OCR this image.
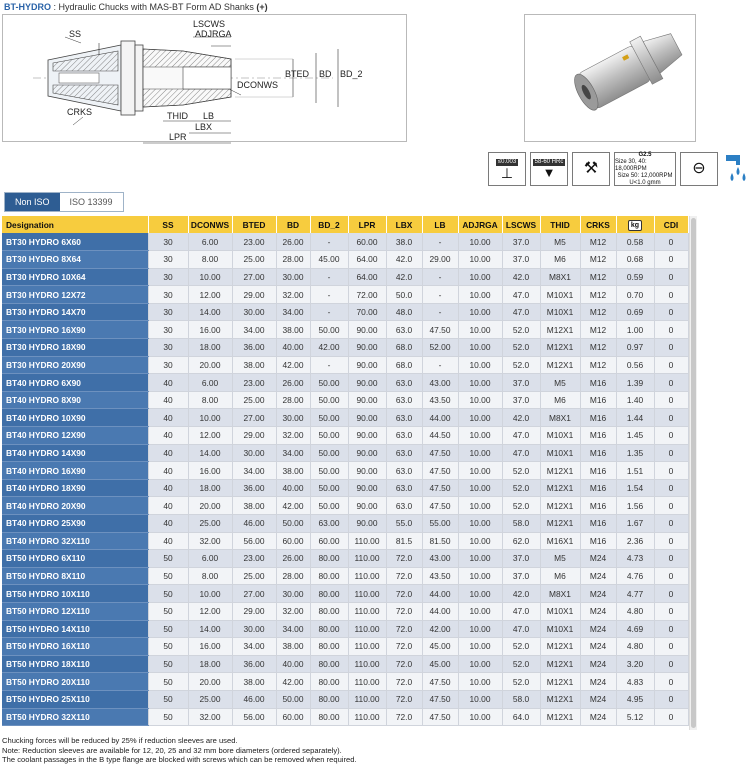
BT-HYDRO : Hydraulic Chucks with MAS-BT Form AD Shanks (+)
SS
CRKS
LSCWS
ADJRGA
DCONWS
BTED BD BD_2
THID LB
LBX
LPR
≤0.003
⊥
58-60 HRc
▼ ⚒
G2.5
Size 30, 40: 18,000RPM
Size 50: 12,000RPM
U<1.0 gmm
⊖
Non ISO	ISO 13399
Designation	SS	DCONWS	BTED	BD	BD_2	LPR	LBX	LB	ADJRGA	LSCWS	THID	CRKS	kg	CDI
BT30 HYDRO 6X60	30	6.00	23.00	26.00	-	60.00	38.0	-	10.00	37.0	M5	M12	0.58	0
BT30 HYDRO 8X64	30	8.00	25.00	28.00	45.00	64.00	42.0	29.00	10.00	37.0	M6	M12	0.68	0
BT30 HYDRO 10X64	30	10.00	27.00	30.00	-	64.00	42.0	-	10.00	42.0	M8X1	M12	0.59	0
BT30 HYDRO 12X72	30	12.00	29.00	32.00	-	72.00	50.0	-	10.00	47.0	M10X1	M12	0.70	0
BT30 HYDRO 14X70	30	14.00	30.00	34.00	-	70.00	48.0	-	10.00	47.0	M10X1	M12	0.69	0
BT30 HYDRO 16X90	30	16.00	34.00	38.00	50.00	90.00	63.0	47.50	10.00	52.0	M12X1	M12	1.00	0
BT30 HYDRO 18X90	30	18.00	36.00	40.00	42.00	90.00	68.0	52.00	10.00	52.0	M12X1	M12	0.97	0
BT30 HYDRO 20X90	30	20.00	38.00	42.00	-	90.00	68.0	-	10.00	52.0	M12X1	M12	0.56	0
BT40 HYDRO 6X90	40	6.00	23.00	26.00	50.00	90.00	63.0	43.00	10.00	37.0	M5	M16	1.39	0
BT40 HYDRO 8X90	40	8.00	25.00	28.00	50.00	90.00	63.0	43.50	10.00	37.0	M6	M16	1.40	0
BT40 HYDRO 10X90	40	10.00	27.00	30.00	50.00	90.00	63.0	44.00	10.00	42.0	M8X1	M16	1.44	0
BT40 HYDRO 12X90	40	12.00	29.00	32.00	50.00	90.00	63.0	44.50	10.00	47.0	M10X1	M16	1.45	0
BT40 HYDRO 14X90	40	14.00	30.00	34.00	50.00	90.00	63.0	47.50	10.00	47.0	M10X1	M16	1.35	0
BT40 HYDRO 16X90	40	16.00	34.00	38.00	50.00	90.00	63.0	47.50	10.00	52.0	M12X1	M16	1.51	0
BT40 HYDRO 18X90	40	18.00	36.00	40.00	50.00	90.00	63.0	47.50	10.00	52.0	M12X1	M16	1.54	0
BT40 HYDRO 20X90	40	20.00	38.00	42.00	50.00	90.00	63.0	47.50	10.00	52.0	M12X1	M16	1.56	0
BT40 HYDRO 25X90	40	25.00	46.00	50.00	63.00	90.00	55.0	55.00	10.00	58.0	M12X1	M16	1.67	0
BT40 HYDRO 32X110	40	32.00	56.00	60.00	60.00	110.00	81.5	81.50	10.00	62.0	M16X1	M16	2.36	0
BT50 HYDRO 6X110	50	6.00	23.00	26.00	80.00	110.00	72.0	43.00	10.00	37.0	M5	M24	4.73	0
BT50 HYDRO 8X110	50	8.00	25.00	28.00	80.00	110.00	72.0	43.50	10.00	37.0	M6	M24	4.76	0
BT50 HYDRO 10X110	50	10.00	27.00	30.00	80.00	110.00	72.0	44.00	10.00	42.0	M8X1	M24	4.77	0
BT50 HYDRO 12X110	50	12.00	29.00	32.00	80.00	110.00	72.0	44.00	10.00	47.0	M10X1	M24	4.80	0
BT50 HYDRO 14X110	50	14.00	30.00	34.00	80.00	110.00	72.0	42.00	10.00	47.0	M10X1	M24	4.69	0
BT50 HYDRO 16X110	50	16.00	34.00	38.00	80.00	110.00	72.0	45.00	10.00	52.0	M12X1	M24	4.80	0
BT50 HYDRO 18X110	50	18.00	36.00	40.00	80.00	110.00	72.0	45.00	10.00	52.0	M12X1	M24	3.20	0
BT50 HYDRO 20X110	50	20.00	38.00	42.00	80.00	110.00	72.0	47.50	10.00	52.0	M12X1	M24	4.83	0
BT50 HYDRO 25X110	50	25.00	46.00	50.00	80.00	110.00	72.0	47.50	10.00	58.0	M12X1	M24	4.95	0
BT50 HYDRO 32X110	50	32.00	56.00	60.00	80.00	110.00	72.0	47.50	10.00	64.0	M12X1	M24	5.12	0
Chucking forces will be reduced by 25% if reduction sleeves are used.
Note: Reduction sleeves are available for 12, 20, 25 and 32 mm bore diameters (ordered separately).
The coolant passages in the B type flange are blocked with screws which can be removed when required.
